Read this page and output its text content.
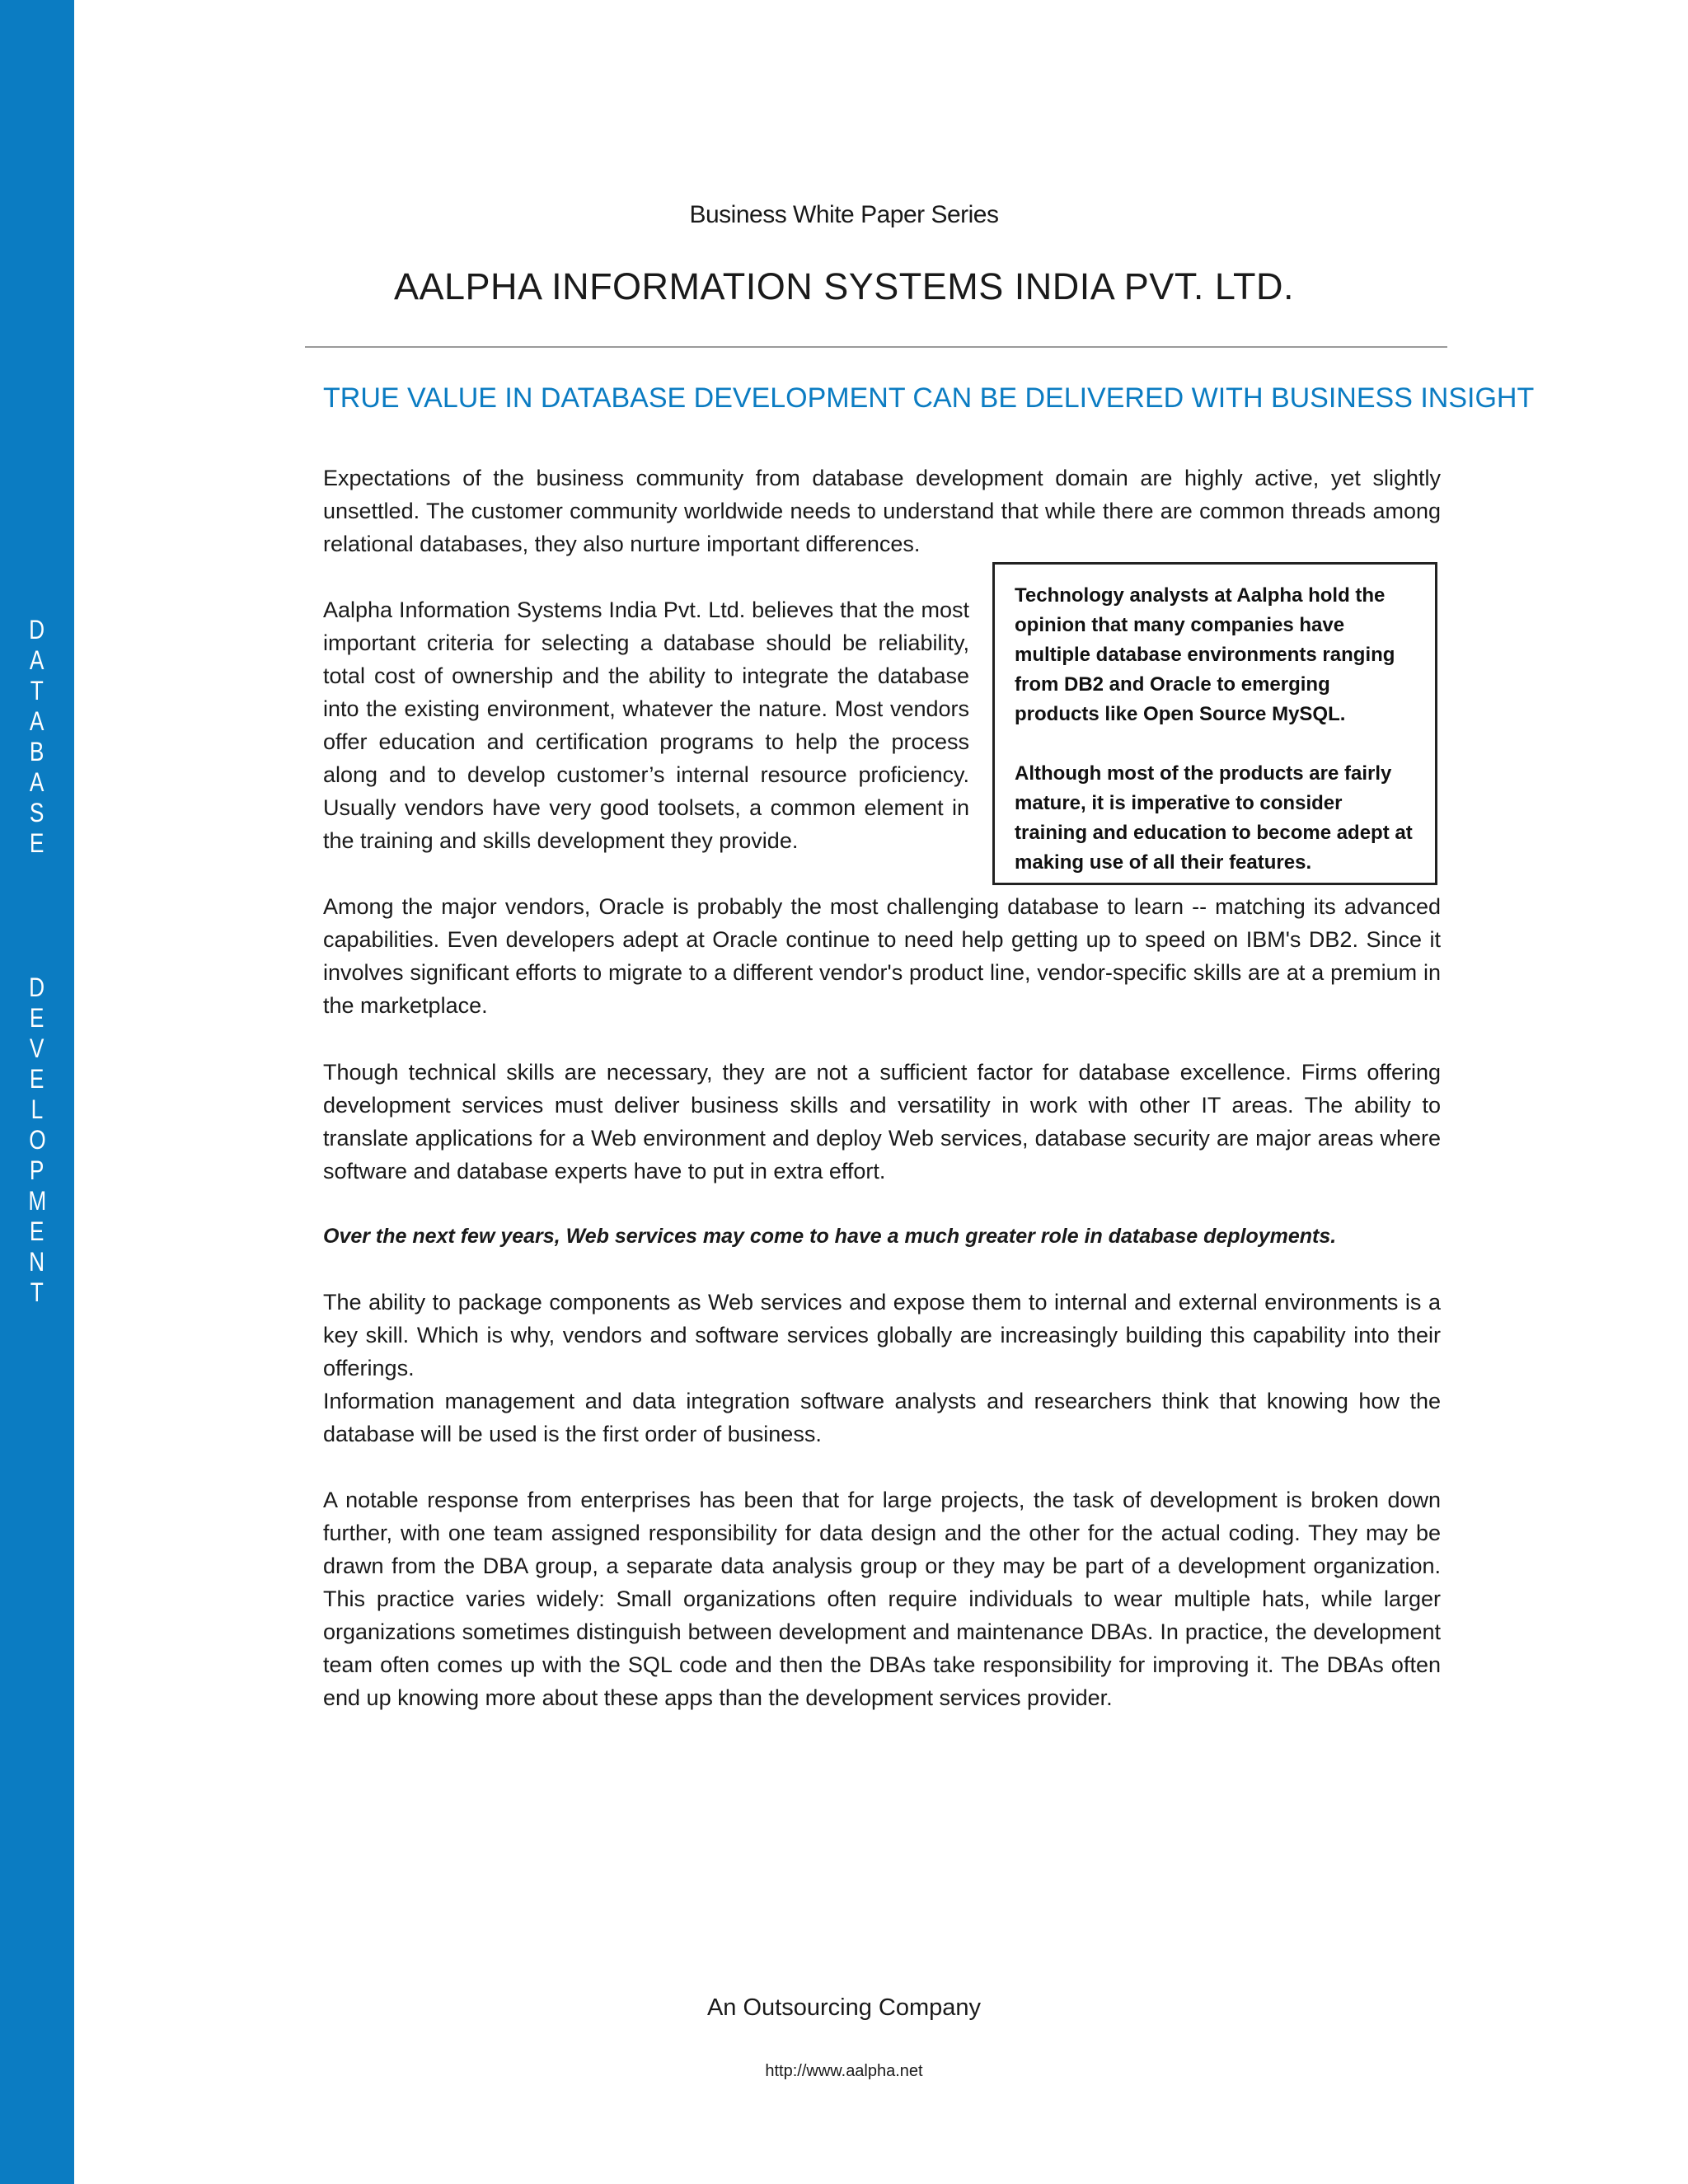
D
A
T
A
B
A
S
E
D
E
V
E
L
O
P
M
E
N
T
Business White Paper Series
AALPHA INFORMATION SYSTEMS INDIA PVT. LTD.
TRUE VALUE IN DATABASE DEVELOPMENT CAN BE DELIVERED WITH BUSINESS INSIGHT

Expectations of the business community from database development domain are highly active, yet slightly unsettled. The customer community worldwide needs to understand that while there are common threads among relational databases, they also nurture important differences.

Aalpha Information Systems India Pvt. Ltd. believes that the most important criteria for selecting a database should be reliability, total cost of ownership and the ability to integrate the database into the existing environment, whatever the nature. Most vendors offer education and certification programs to help the process along and to develop customer’s internal resource proficiency. Usually vendors have very good toolsets, a common element in the training and skills development they provide.

Technology analysts at Aalpha hold the opinion that many companies have multiple database environments ranging from DB2 and Oracle to emerging products like Open Source MySQL.

Although most of the products are fairly mature, it is imperative to consider training and education to become adept at making use of all their features.

Among the major vendors, Oracle is probably the most challenging database to learn -- matching its advanced capabilities. Even developers adept at Oracle continue to need help getting up to speed on IBM's DB2. Since it involves significant efforts to migrate to a different vendor's product line, vendor-specific skills are at a premium in the marketplace.

Though technical skills are necessary, they are not a sufficient factor for database excellence. Firms offering development services must deliver business skills and versatility in work with other IT areas. The ability to translate applications for a Web environment and deploy Web services, database security are major areas where software and database experts have to put in extra effort.

Over the next few years, Web services may come to have a much greater role in database deployments.

The ability to package components as Web services and expose them to internal and external environments is a key skill. Which is why, vendors and software services globally are increasingly building this capability into their offerings.

Information management and data integration software analysts and researchers think that knowing how the database will be used is the first order of business.

A notable response from enterprises has been that for large projects, the task of development is broken down further, with one team assigned responsibility for data design and the other for the actual coding. They may be drawn from the DBA group, a separate data analysis group or they may be part of a development organization. This practice varies widely: Small organizations often require individuals to wear multiple hats, while larger organizations sometimes distinguish between development and maintenance DBAs. In practice, the development team often comes up with the SQL code and then the DBAs take responsibility for improving it. The DBAs often end up knowing more about these apps than the development services provider.

An Outsourcing Company
http://www.aalpha.net
